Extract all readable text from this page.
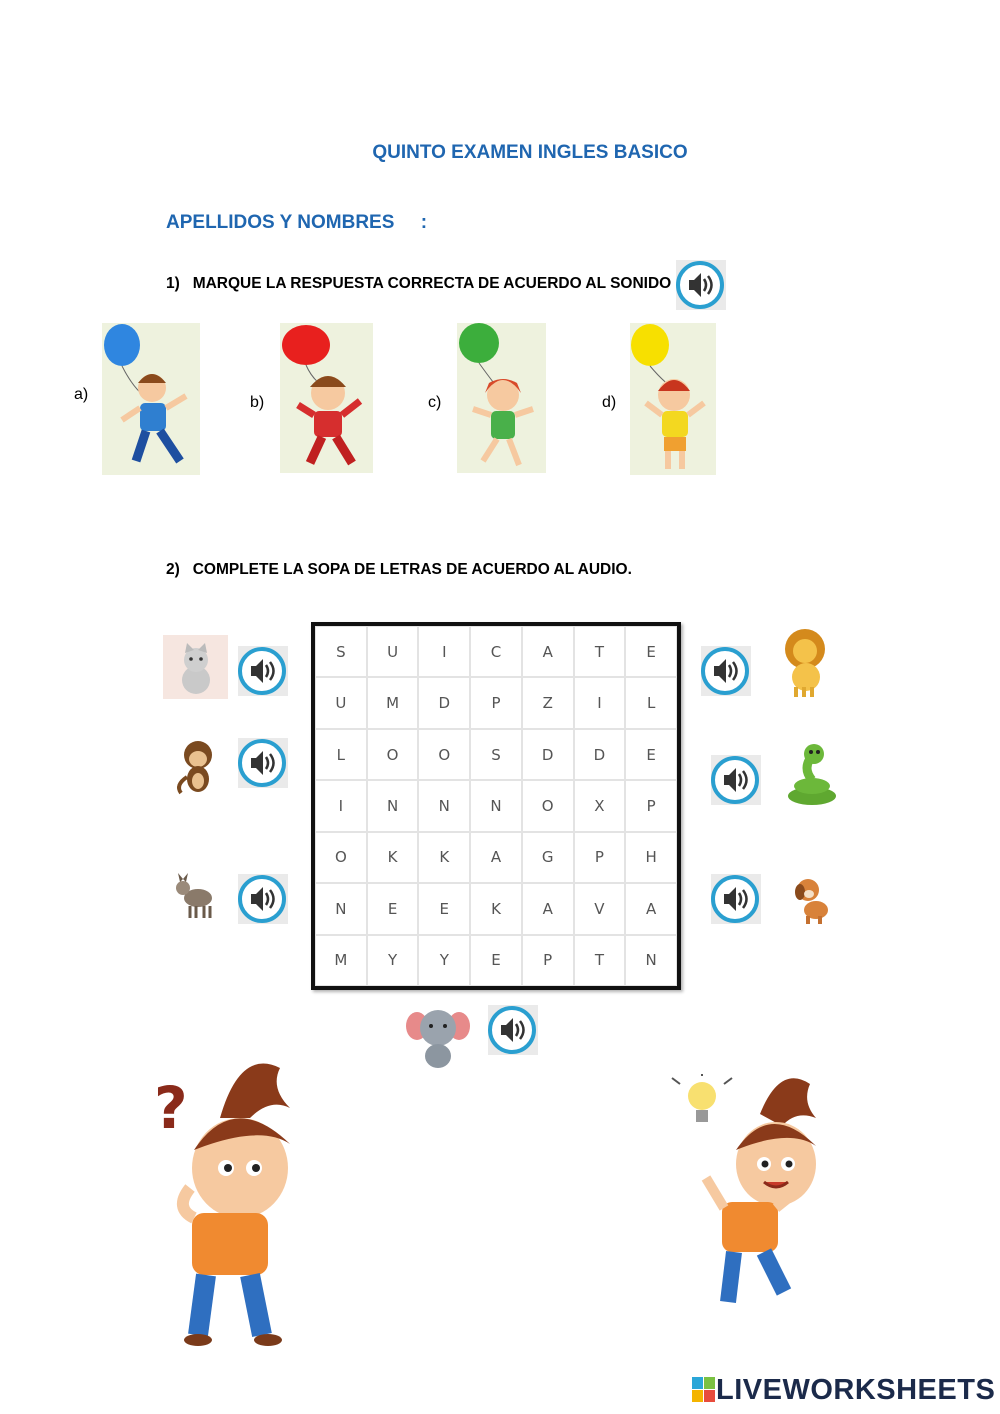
QUINTO EXAMEN INGLES BASICO
APELLIDOS Y NOMBRES     :
1)   MARQUE LA RESPUESTA CORRECTA DE ACUERDO AL SONIDO
a)	b)	c)	d)
2)   COMPLETE LA SOPA DE LETRAS DE ACUERDO AL AUDIO.
S	U	I	C	A	T	E
U	M	D	P	Z	I	L
L	O	O	S	D	D	E
I	N	N	N	O	X	P
O	K	K	A	G	P	H
N	E	E	K	A	V	A
M	Y	Y	E	P	T	N
?
LIVEWORKSHEETS
